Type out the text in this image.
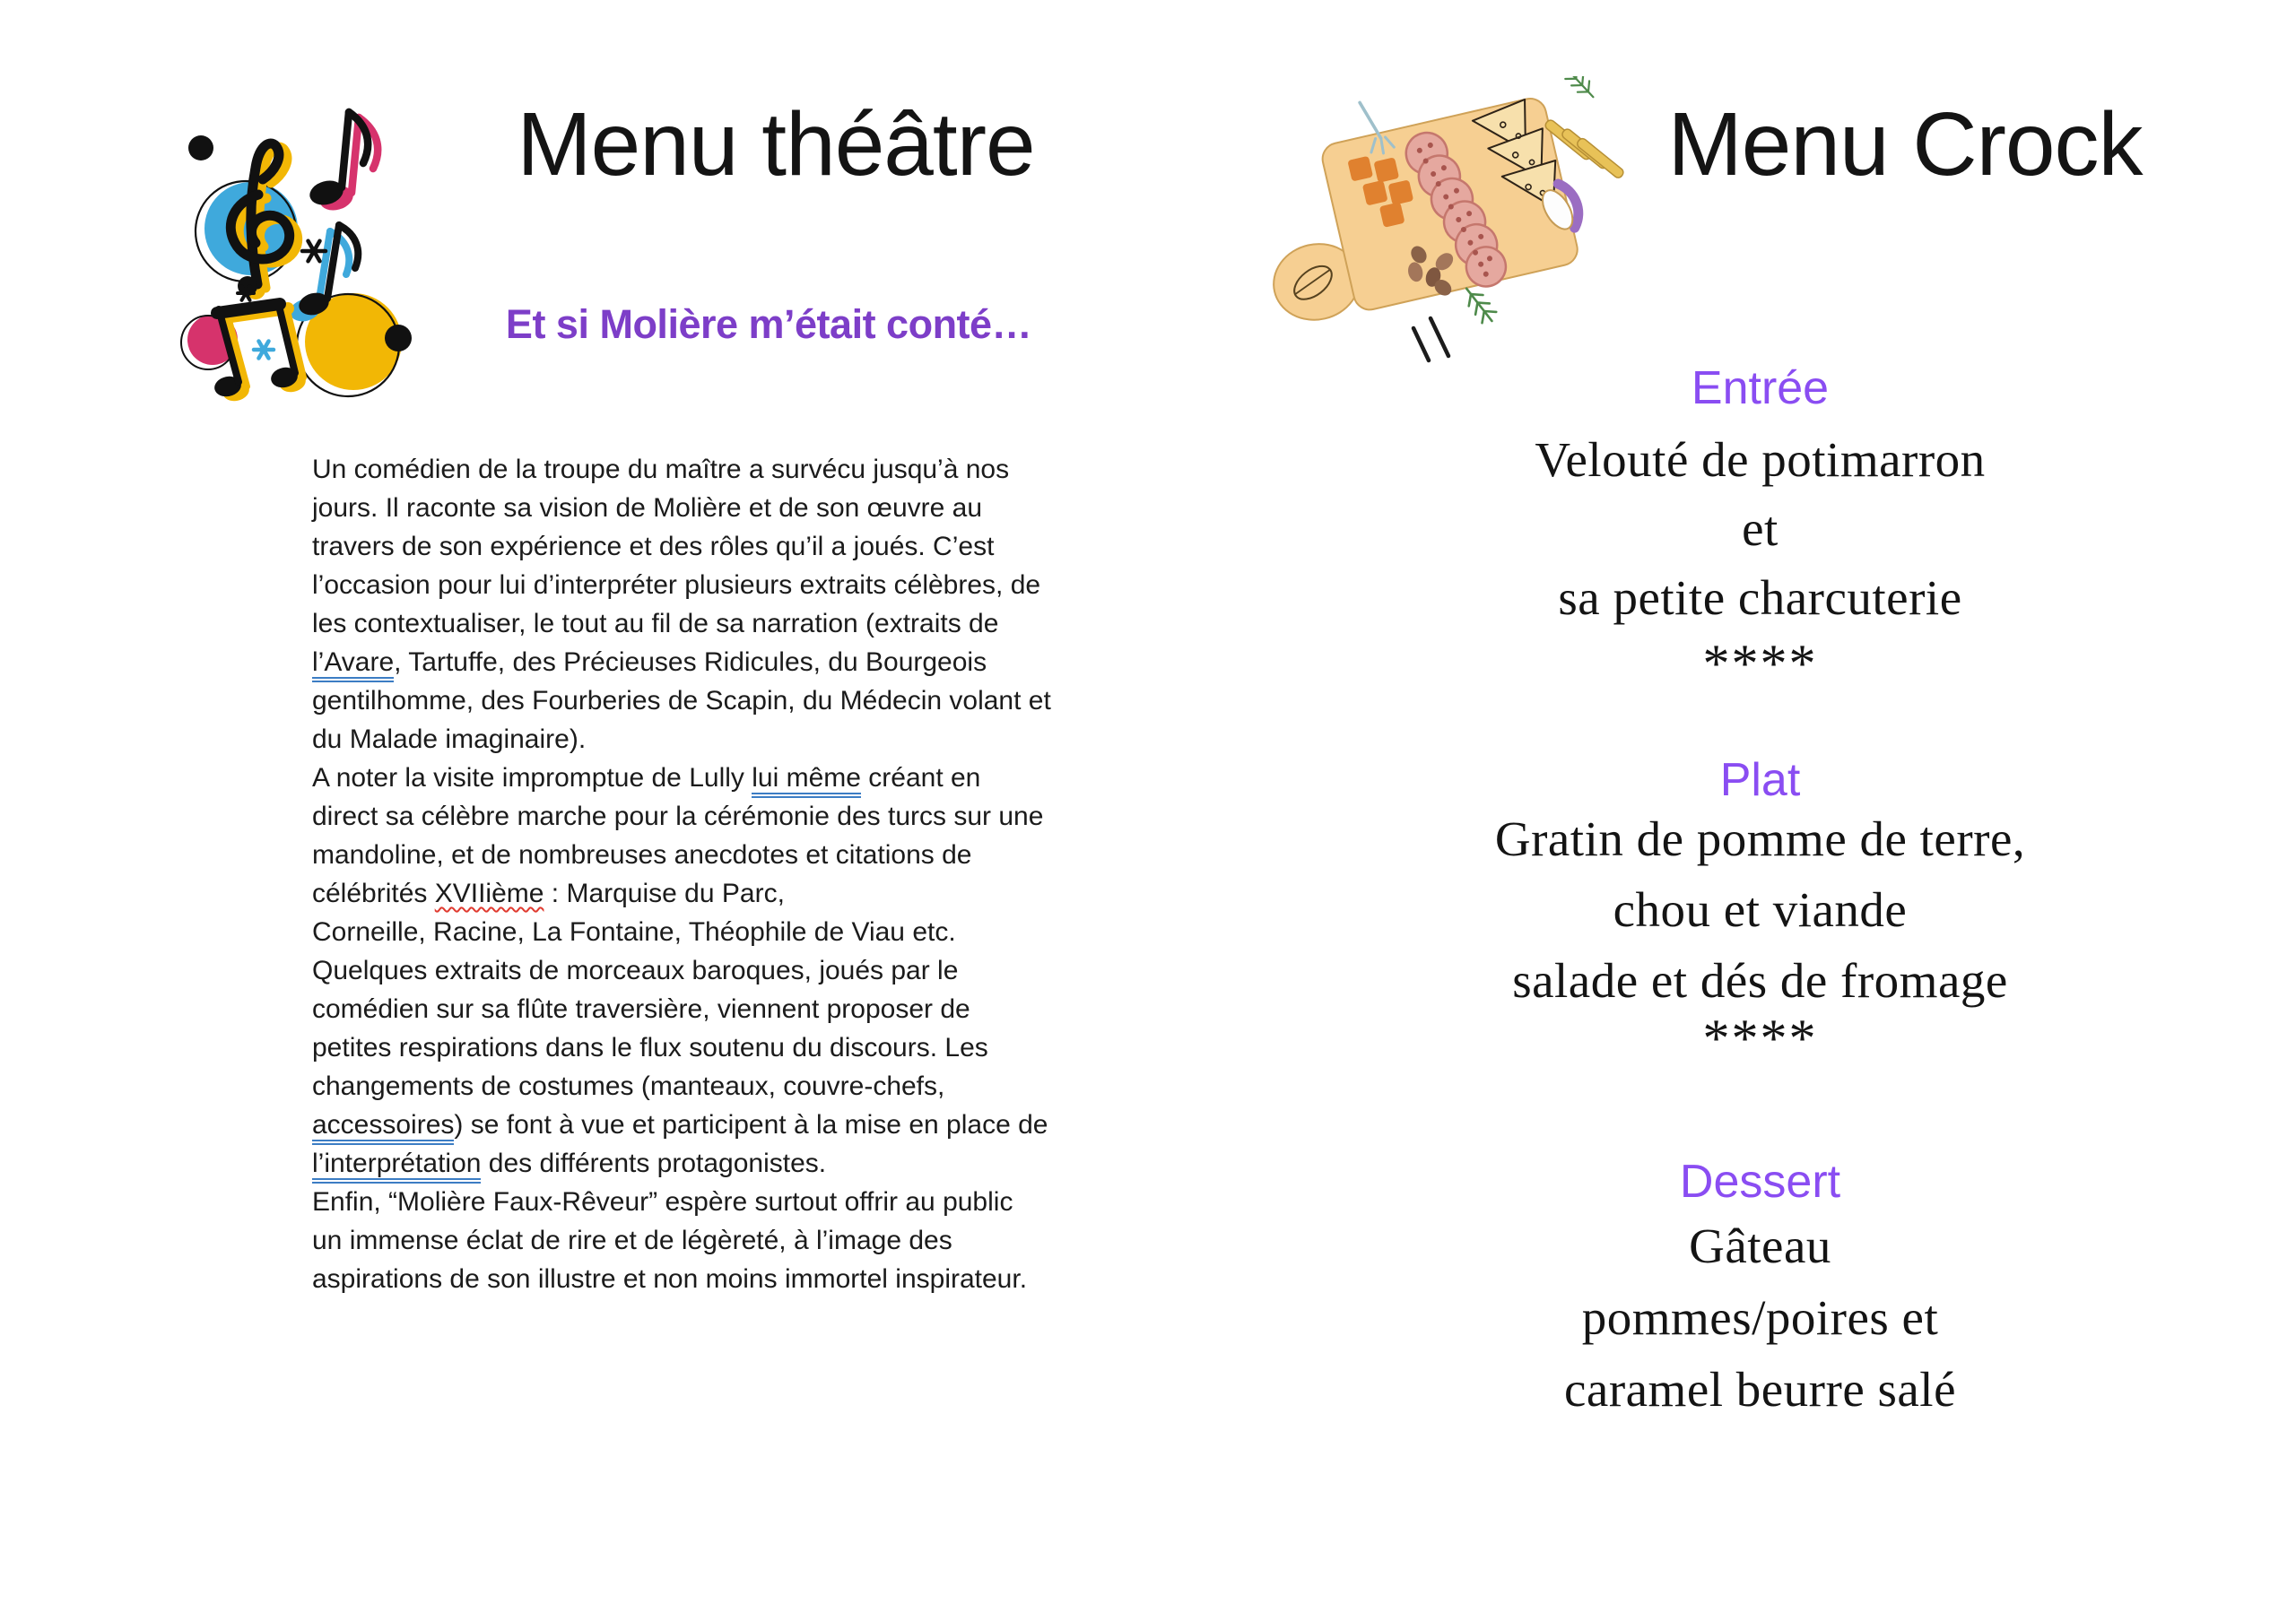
Menu théâtre
Et si Molière m’était conté…
Un comédien de la troupe du maître a survécu jusqu’à nos
jours. Il raconte sa vision de Molière et de son œuvre au
travers de son expérience et des rôles qu’il a joués. C’est
l’occasion pour lui d’interpréter plusieurs extraits célèbres, de
les contextualiser, le tout au fil de sa narration (extraits de
l’Avare, Tartuffe, des Précieuses Ridicules, du Bourgeois
gentilhomme, des Fourberies de Scapin, du Médecin volant et
du Malade imaginaire).
A noter la visite impromptue de Lully lui même créant en
direct sa célèbre marche pour la cérémonie des turcs sur une
mandoline, et de nombreuses anecdotes et citations de
célébrités XVIIième : Marquise du Parc,
Corneille, Racine, La Fontaine, Théophile de Viau etc.
Quelques extraits de morceaux baroques, joués par le
comédien sur sa flûte traversière, viennent proposer de
petites respirations dans le flux soutenu du discours. Les
changements de costumes (manteaux, couvre-chefs,
accessoires) se font à vue et participent à la mise en place de
l’interprétation des différents protagonistes.
Enfin, “Molière Faux-Rêveur” espère surtout offrir au public
un immense éclat de rire et de légèreté, à l’image des
aspirations de son illustre et non moins immortel inspirateur.
Menu Crock
Entrée
Velouté de potimarron
et
sa petite charcuterie
****
Plat
Gratin de pomme de terre,
chou et viande
salade et dés de fromage
****
Dessert
Gâteau
pommes/poires et
caramel beurre salé
